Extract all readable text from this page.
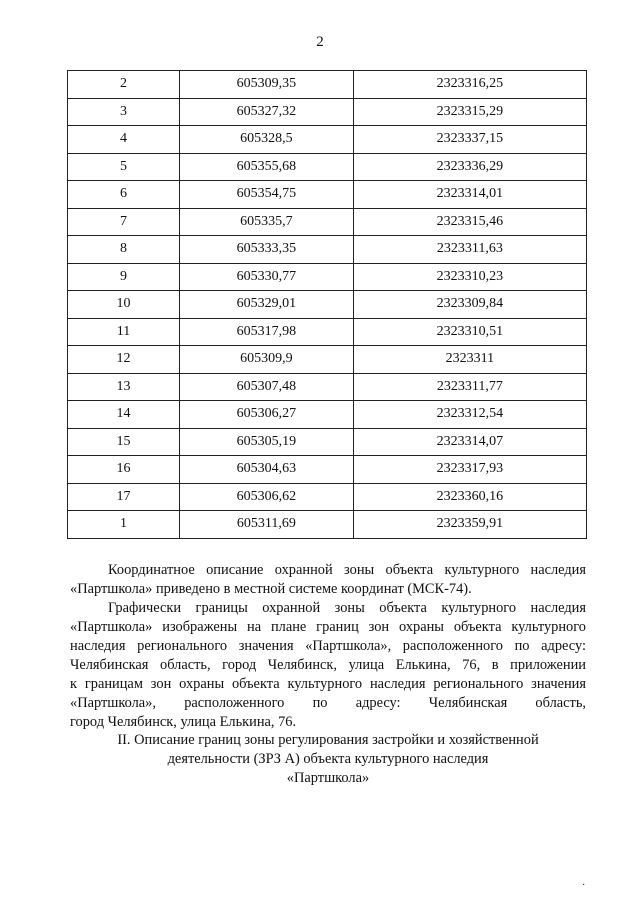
2
2	605309,35	2323316,25
3	605327,32	2323315,29
4	605328,5	2323337,15
5	605355,68	2323336,29
6	605354,75	2323314,01
7	605335,7	2323315,46
8	605333,35	2323311,63
9	605330,77	2323310,23
10	605329,01	2323309,84
11	605317,98	2323310,51
12	605309,9	2323311
13	605307,48	2323311,77
14	605306,27	2323312,54
15	605305,19	2323314,07
16	605304,63	2323317,93
17	605306,62	2323360,16
1	605311,69	2323359,91
Координатное описание охранной зоны объекта культурного наследия
«Партшкола» приведено в местной системе координат (МСК-74).
Графически границы охранной зоны объекта культурного наследия
«Партшкола» изображены на плане границ зон охраны объекта культурного
наследия регионального значения «Партшкола», расположенного по адресу:
Челябинская область, город Челябинск, улица Елькина, 76, в приложении
к границам зон охраны объекта культурного наследия регионального значения
«Партшкола», расположенного по адресу: Челябинская область,
город Челябинск, улица Елькина, 76.
II. Описание границ зоны регулирования застройки и хозяйственной
деятельности (ЗРЗ А) объекта культурного наследия
«Партшкола»
·
